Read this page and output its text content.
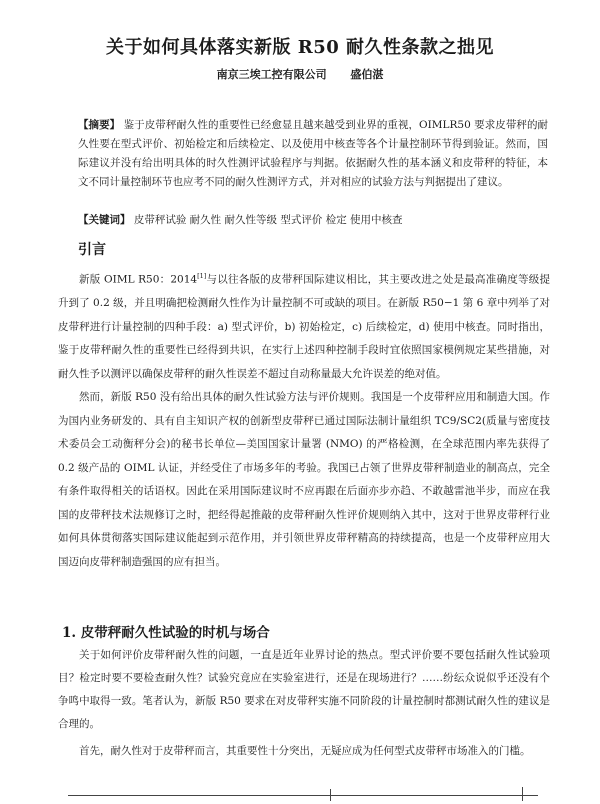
关于如何具体落实新版 R50 耐久性条款之拙见

南京三埃工控有限公司 盛伯湛

【摘要】 鉴于皮带秤耐久性的重要性已经愈显且越来越受到业界的重视，OIMLR50 要求皮带秤的耐久性要在型式评价、初始检定和后续检定、以及使用中核查等各个计量控制环节得到验证。然而，国际建议并没有给出明具体的时久性测评试验程序与判据。依据耐久性的基本涵义和皮带秤的特征，本文不同计量控制环节也应考不同的耐久性测评方式，并对相应的试验方法与判据提出了建议。

【关键词】 皮带秤试验 耐久性 耐久性等级 型式评价 检定 使用中核查

引言

新版 OIML R50：2014[1]与以往各版的皮带秤国际建议相比，其主要改进之处是最高准确度等级提升到了 0.2 级，并且明确把检测耐久性作为计量控制不可或缺的项目。在新版 R50−1 第 6 章中列举了对皮带秤进行计量控制的四种手段：a) 型式评价，b) 初始检定，c) 后续检定，d) 使用中核查。同时指出，鉴于皮带秤耐久性的重要性已经得到共识，在实行上述四种控制手段时宜依照国家模例规定某些措施，对耐久性予以测评以确保皮带秤的耐久性误差不超过自动称量最大允许误差的绝对值。

然而，新版 R50 没有给出具体的耐久性试验方法与评价规则。我国是一个皮带秤应用和制造大国。作为国内业务研发的、具有自主知识产权的创新型皮带秤已通过国际法制计量组织 TC9/SC2(质量与密度技术委员会工动衡秤分会)的秘书长单位—美国国家计量署 (NMO) 的严格检测，在全球范围内率先获得了 0.2 级产品的 OIML 认证，并经受住了市场多年的考验。我国已占领了世界皮带秤制造业的制高点，完全有条件取得相关的话语权。因此在采用国际建议时不应再跟在后面亦步亦趋、不敢越雷池半步，而应在我国的皮带秤技术法规修订之时，把经得起推敲的皮带秤耐久性评价规则纳入其中，这对于世界皮带秤行业如何具体贯彻落实国际建议能起到示范作用，并引领世界皮带秤精高的持续提高，也是一个皮带秤应用大国迈向皮带秤制造强国的应有担当。

1. 皮带秤耐久性试验的时机与场合

关于如何评价皮带秤耐久性的问题，一直是近年业界讨论的热点。型式评价要不要包括耐久性试验项目？检定时要不要检查耐久性？试验究竟应在实验室进行，还是在现场进行？……纷纭众说似乎还没有个争鸣中取得一致。笔者认为，新版 R50 要求在对皮带秤实施不同阶段的计量控制时都测试耐久性的建议是合理的。

首先，耐久性对于皮带秤而言，其重要性十分突出，无疑应成为任何型式皮带秤市场准入的门槛。
